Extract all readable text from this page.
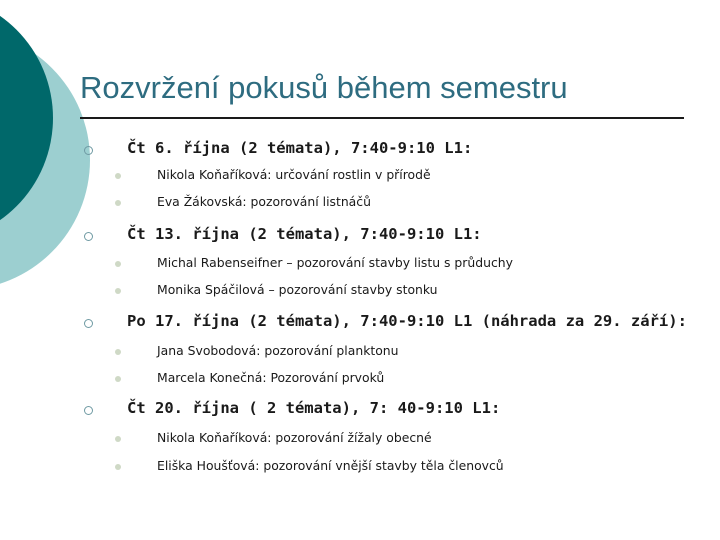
Rozvržení pokusů během semestru
Čt 6. října (2 témata), 7:40-9:10 L1:
Nikola Koňaříková: určování rostlin v přírodě
Eva Žákovská: pozorování listnáčů
Čt 13. října (2 témata), 7:40-9:10 L1:
Michal Rabenseifner – pozorování stavby listu s průduchy
Monika Spáčilová – pozorování stavby stonku
Po 17. října (2 témata), 7:40-9:10 L1 (náhrada za 29. září):
Jana Svobodová: pozorování planktonu
Marcela Konečná: Pozorování prvoků
Čt 20. října ( 2 témata), 7: 40-9:10 L1:
Nikola Koňaříková: pozorování žížaly obecné
Eliška Houšťová: pozorování vnější stavby těla členovců
